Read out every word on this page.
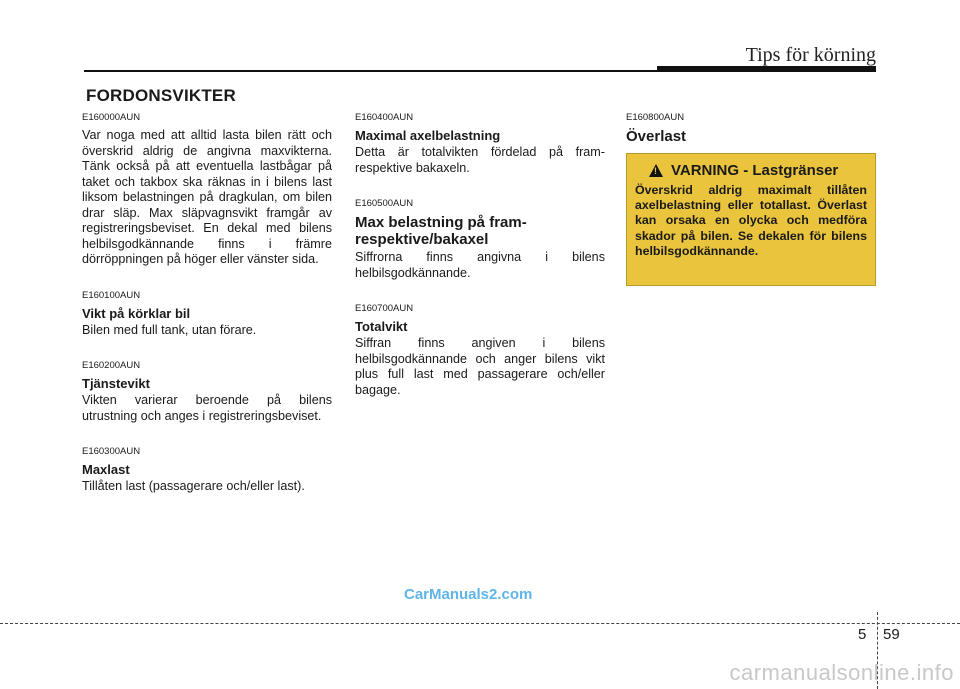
Tips för körning
FORDONSVIKTER
E160000AUN
Var noga med att alltid lasta bilen rätt och överskrid aldrig de angivna maxvikterna. Tänk också på att eventuella lastbågar på taket och takbox ska räknas in i bilens last liksom belastningen på dragkulan, om bilen drar släp. Max släpvagnsvikt framgår av registreringsbeviset. En dekal med bilens helbilsgodkännande finns i främre dörröppningen på höger eller vänster sida.
E160100AUN
Vikt på körklar bil
Bilen med full tank, utan förare.
E160200AUN
Tjänstevikt
Vikten varierar beroende på bilens utrustning och anges i registreringsbeviset.
E160300AUN
Maxlast
Tillåten last (passagerare och/eller last).
E160400AUN
Maximal axelbelastning
Detta är totalvikten fördelad på fram- respektive bakaxeln.
E160500AUN
Max belastning på fram- respektive/bakaxel
Siffrorna finns angivna i bilens helbilsgodkännande.
E160700AUN
Totalvikt
Siffran finns angiven i bilens helbilsgodkännande och anger bilens vikt plus full last med passagerare och/eller bagage.
E160800AUN
Överlast
! VARNING - Lastgränser
Överskrid aldrig maximalt tillåten axelbelastning eller totallast. Överlast kan orsaka en olycka och medföra skador på bilen. Se dekalen för bilens helbilsgodkännande.
CarManuals2.com
5 59
carmanualsonline.info
